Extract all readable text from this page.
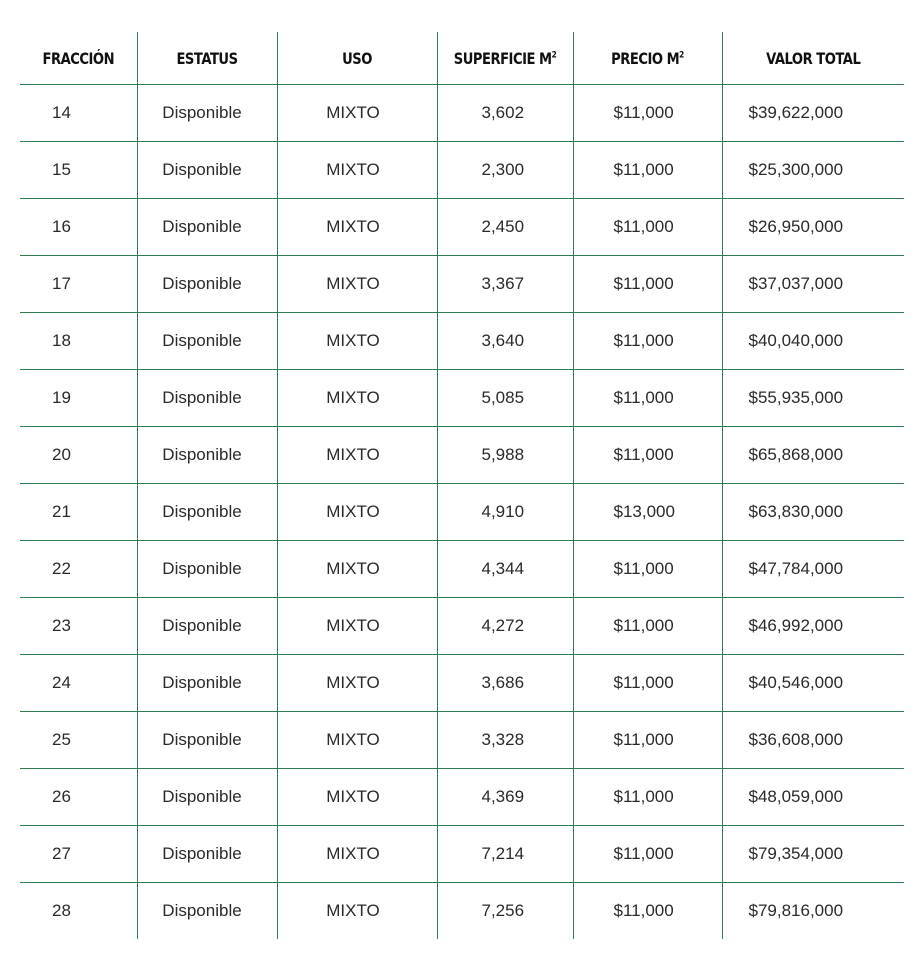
FRACCIÓN	ESTATUS	USO	SUPERFICIE $M^2$	PRECIO $M^2$	VALOR TOTAL
14	Disponible	MIXTO	3,602	$11,000	$39,622,000
15	Disponible	MIXTO	2,300	$11,000	$25,300,000
16	Disponible	MIXTO	2,450	$11,000	$26,950,000
17	Disponible	MIXTO	3,367	$11,000	$37,037,000
18	Disponible	MIXTO	3,640	$11,000	$40,040,000
19	Disponible	MIXTO	5,085	$11,000	$55,935,000
20	Disponible	MIXTO	5,988	$11,000	$65,868,000
21	Disponible	MIXTO	4,910	$13,000	$63,830,000
22	Disponible	MIXTO	4,344	$11,000	$47,784,000
23	Disponible	MIXTO	4,272	$11,000	$46,992,000
24	Disponible	MIXTO	3,686	$11,000	$40,546,000
25	Disponible	MIXTO	3,328	$11,000	$36,608,000
26	Disponible	MIXTO	4,369	$11,000	$48,059,000
27	Disponible	MIXTO	7,214	$11,000	$79,354,000
28	Disponible	MIXTO	7,256	$11,000	$79,816,000
